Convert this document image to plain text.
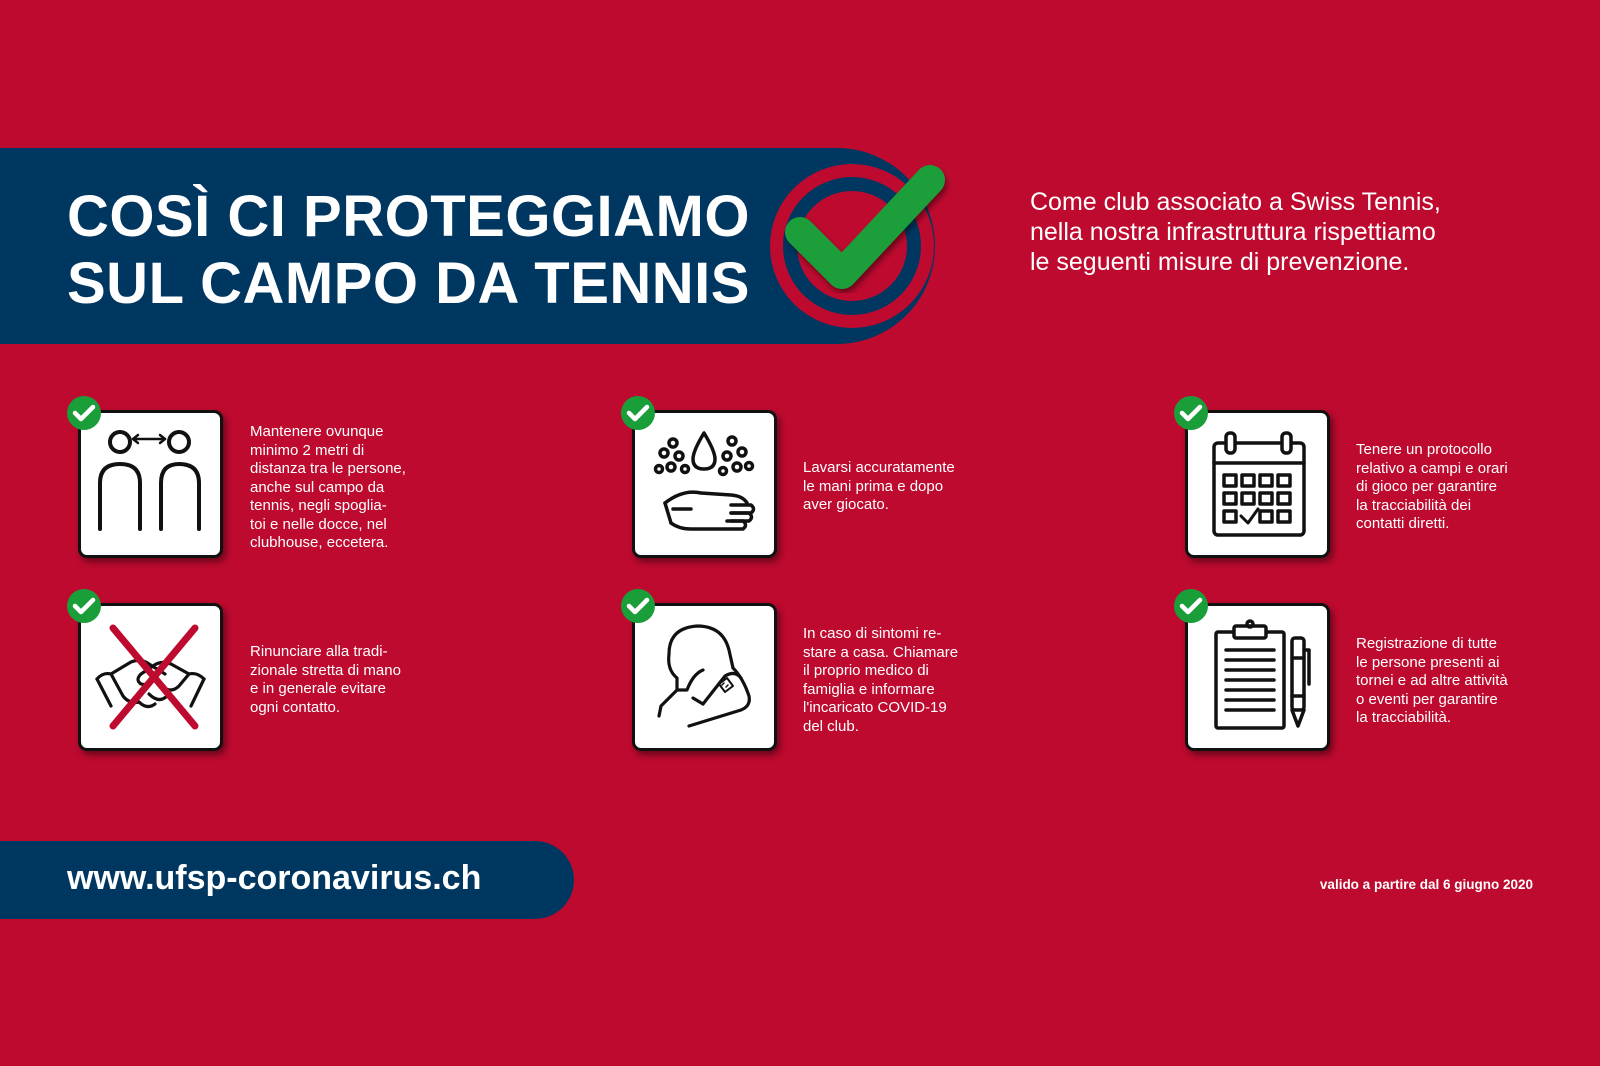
COSÌ CI PROTEGGIAMO
SUL CAMPO DA TENNIS
Come club associato a Swiss Tennis,
nella nostra infrastruttura rispettiamo
le seguenti misure di prevenzione.
Mantenere ovunque
minimo 2 metri di
distanza tra le persone,
anche sul campo da
tennis, negli spoglia-
toi e nelle docce, nel
clubhouse, eccetera.
Lavarsi accuratamente
le mani prima e dopo
aver giocato.
Tenere un protocollo
relativo a campi e orari
di gioco per garantire
la tracciabilità dei
contatti diretti.
Rinunciare alla tradi-
zionale stretta di mano
e in generale evitare
ogni contatto.
In caso di sintomi re-
stare a casa. Chiamare
il proprio medico di
famiglia e informare
l'incaricato COVID-19
del club.
Registrazione di tutte
le persone presenti ai
tornei e ad altre attività
o eventi per garantire
la tracciabilità.
www.ufsp-coronavirus.ch	valido a partire dal 6 giugno 2020
